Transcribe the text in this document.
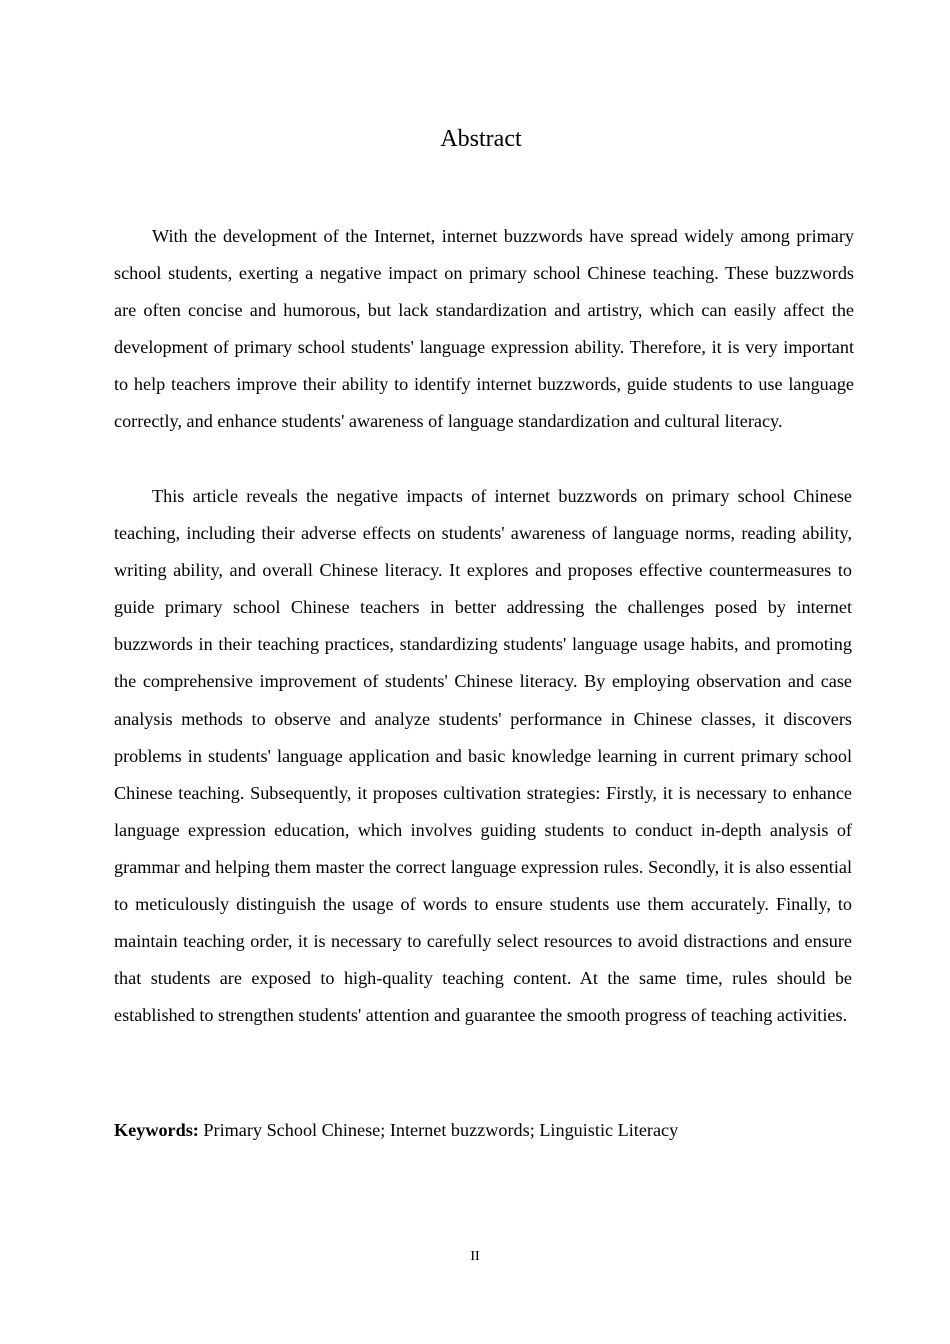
Abstract

With the development of the Internet, internet buzzwords have spread widely among primary school students, exerting a negative impact on primary school Chinese teaching. These buzzwords are often concise and humorous, but lack standardization and artistry, which can easily affect the development of primary school students' language expression ability. Therefore, it is very important to help teachers improve their ability to identify internet buzzwords, guide students to use language correctly, and enhance students' awareness of language standardization and cultural literacy.

This article reveals the negative impacts of internet buzzwords on primary school Chinese teaching, including their adverse effects on students' awareness of language norms, reading ability, writing ability, and overall Chinese literacy. It explores and proposes effective countermeasures to guide primary school Chinese teachers in better addressing the challenges posed by internet buzzwords in their teaching practices, standardizing students' language usage habits, and promoting the comprehensive improvement of students' Chinese literacy. By employing observation and case analysis methods to observe and analyze students' performance in Chinese classes, it discovers problems in students' language application and basic knowledge learning in current primary school Chinese teaching. Subsequently, it proposes cultivation strategies: Firstly, it is necessary to enhance language expression education, which involves guiding students to conduct in-depth analysis of grammar and helping them master the correct language expression rules. Secondly, it is also essential to meticulously distinguish the usage of words to ensure students use them accurately. Finally, to maintain teaching order, it is necessary to carefully select resources to avoid distractions and ensure that students are exposed to high-quality teaching content. At the same time, rules should be established to strengthen students' attention and guarantee the smooth progress of teaching activities.

Keywords: Primary School Chinese; Internet buzzwords; Linguistic Literacy

II
